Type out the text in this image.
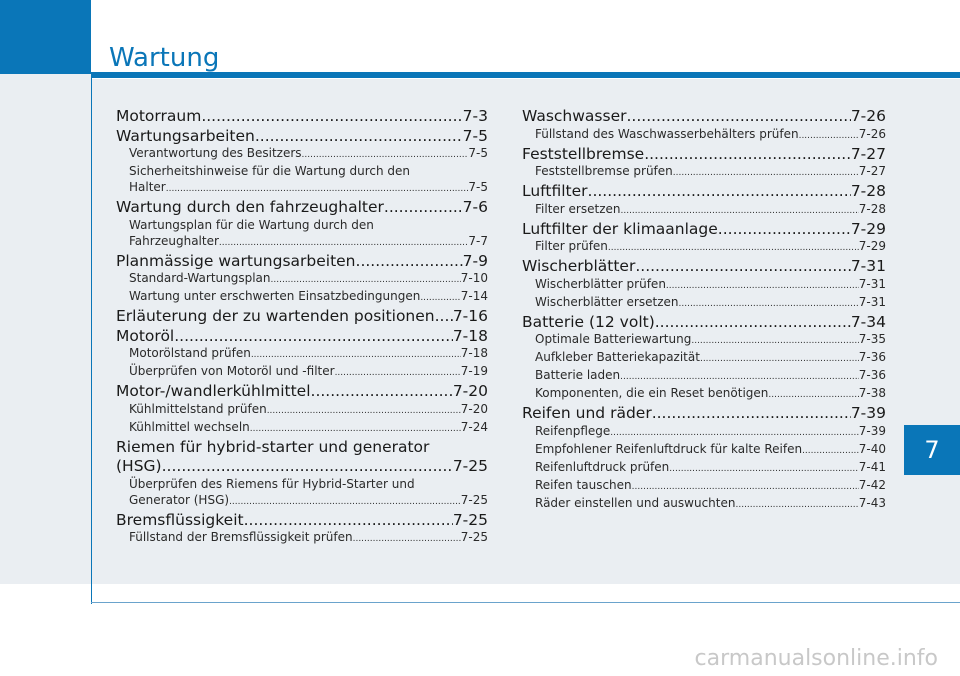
Wartung
Motorraum .....	7-3
Wartungsarbeiten .....	7-5
Verantwortung des Besitzers .....	7-5
Sicherheitshinweise für die Wartung durch den
Halter .....	7-5
Wartung durch den fahrzeughalter .....	7-6
Wartungsplan für die Wartung durch den
Fahrzeughalter .....	7-7
Planmässige wartungsarbeiten .....	7-9
Standard-Wartungsplan .....	7-10
Wartung unter erschwerten Einsatzbedingungen .....	7-14
Erläuterung der zu wartenden positionen ..... 7-16
Motoröl .....	7-18
Motorölstand prüfen .....	7-18
Überprüfen von Motoröl und -filter .....	7-19
Motor-/wandlerkühlmittel .....	7-20
Kühlmittelstand prüfen .....	7-20
Kühlmittel wechseln .....	7-24
Riemen für hybrid-starter und generator
(HSG) .....	7-25
Überprüfen des Riemens für Hybrid-Starter und
Generator (HSG) .....	7-25
Bremsflüssigkeit .....	7-25
Füllstand der Bremsflüssigkeit prüfen .....	7-25
Waschwasser .....	7-26
Füllstand des Waschwasserbehälters prüfen .....	7-26
Feststellbremse .....	7-27
Feststellbremse prüfen .....	7-27
Luftfilter .....	7-28
Filter ersetzen .....	7-28
Luftfilter der klimaanlage .....	7-29
Filter prüfen .....	7-29
Wischerblätter .....	7-31
Wischerblätter prüfen .....	7-31
Wischerblätter ersetzen .....	7-31
Batterie (12 volt) .....	7-34
Optimale Batteriewartung .....	7-35
Aufkleber Batteriekapazität .....	7-36
Batterie laden .....	7-36
Komponenten, die ein Reset benötigen .....	7-38
Reifen und räder .....	7-39
Reifenpflege .....	7-39
Empfohlener Reifenluftdruck für kalte Reifen .....	7-40
Reifenluftdruck prüfen .....	7-41
Reifen tauschen .....	7-42
Räder einstellen und auswuchten .....	7-43
7
carmanualsonline.info
